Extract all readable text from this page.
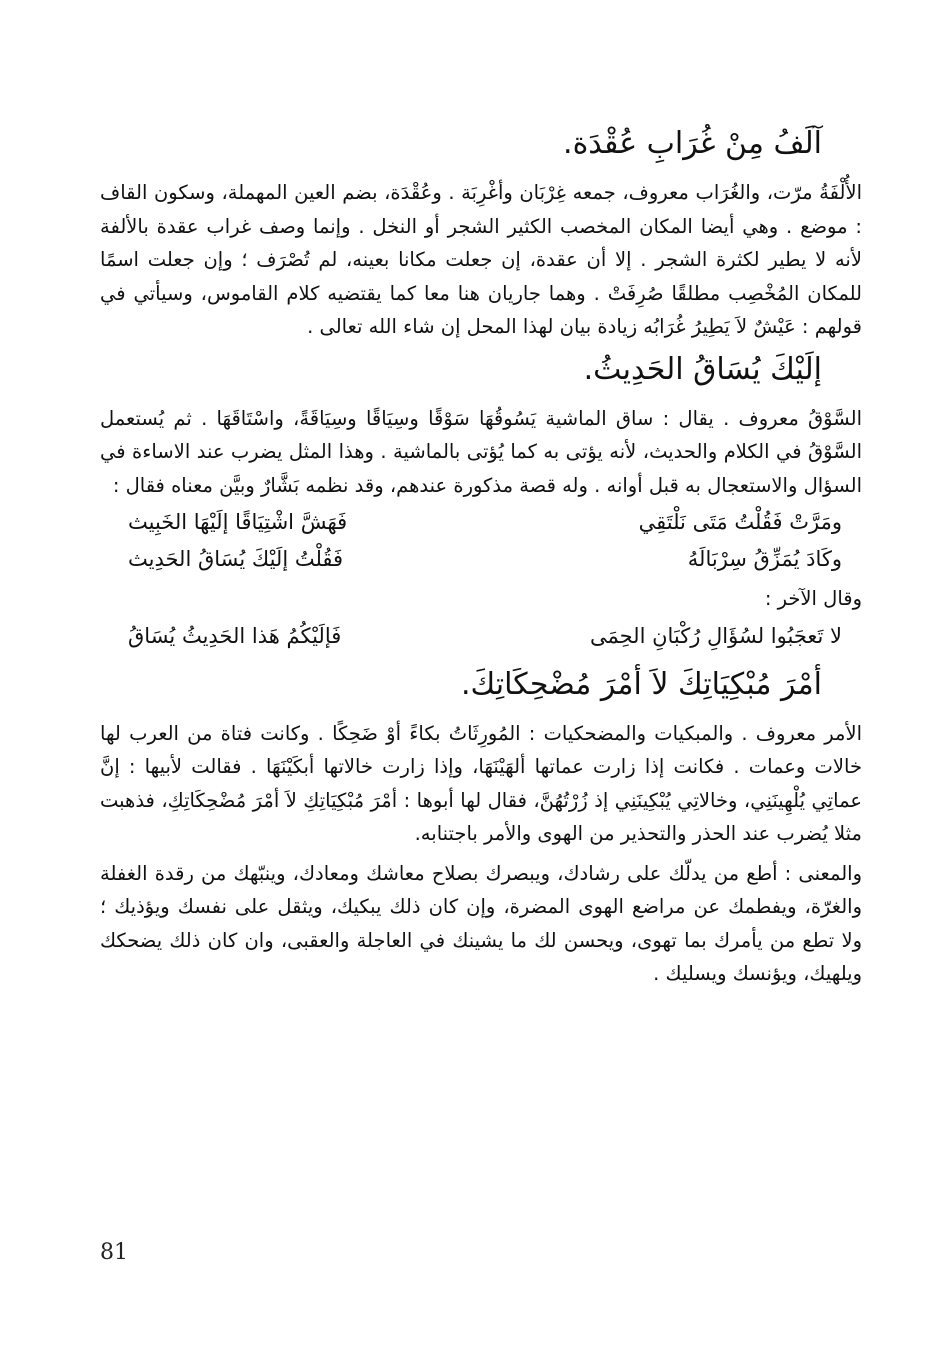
آلَفُ مِنْ غُرَابِ عُقْدَة.

الأُلْفَةُ مرّت، والغُرَاب معروف، جمعه غِرْبَان وأغْرِبَة . وعُقْدَة، بضم العين المهملة، وسكون القاف : موضع . وهي أيضا المكان المخصب الكثير الشجر أو النخل . وإنما وصف غراب عقدة بالألفة لأنه لا يطير لكثرة الشجر . إلا أن عقدة، إن جعلت مكانا بعينه، لم تُصْرَف ؛ وإن جعلت اسمًا للمكان المُخْصِب مطلقًا صُرِفَتْ . وهما جاريان هنا معا كما يقتضيه كلام القاموس، وسيأتي في قولهم : عَيْشٌ لاَ يَطِيرُ غُرَابُه زيادة بيان لهذا المحل إن شاء الله تعالى .

إلَيْكَ يُسَاقُ الحَدِيثُ.

السَّوْقُ معروف . يقال : ساق الماشية يَسُوقُهَا سَوْقًا وسِيَاقًا وسِيَاقَةً، واسْتَاقَهَا . ثم يُستعمل السَّوْقُ في الكلام والحديث، لأنه يؤتى به كما يُؤتى بالماشية . وهذا المثل يضرب عند الاساءة في السؤال والاستعجال به قبل أوانه . وله قصة مذكورة عندهم، وقد نظمه بَشَّارٌ وبيَّن معناه فقال :

ومَرَّتْ فَقُلْتُ مَتَى نَلْتَقِي
فَهَشَّ اشْتِيَاقًا إلَيْهَا الخَبِيث
وكَادَ يُمَزِّقُ سِرْبَالَهُ
فَقُلْتُ إلَيْكَ يُسَاقُ الحَدِيث

وقال الآخر :

لا تَعجَبُوا لسُؤَالِ رُكْبَانِ الحِمَى
فَإلَيْكُمُ هَذا الحَدِيثُ يُسَاقُ
أمْرَ مُبْكِيَاتِكَ لاَ أمْرَ مُضْحِكَاتِكَ.

الأمر معروف . والمبكيات والمضحكيات : المُورِثَاتُ بكاءً أوْ ضَحِكًا . وكانت فتاة من العرب لها خالات وعمات . فكانت إذا زارت عماتها ألهَيْنَهَا، وإذا زارت خالاتها أبكَيْنَهَا . فقالت لأبيها : إنَّ عماتِي يُلْهِينَنِي، وخالاتِي يُبْكِينَنِي إذ زُرْتُهُنَّ، فقال لها أبوها : أمْرَ مُبْكِيَاتِكِ لاَ أمْرَ مُضْحِكَاتِكِ، فذهبت مثلا يُضرب عند الحذر والتحذير من الهوى والأمر باجتنابه.

والمعنى : أطع من يدلّك على رشادك، ويبصرك بصلاح معاشك ومعادك، وينبّهك من رقدة الغفلة والغرّة، ويفطمك عن مراضع الهوى المضرة، وإن كان ذلك يبكيك، ويثقل على نفسك ويؤذيك ؛ ولا تطع من يأمرك بما تهوى، ويحسن لك ما يشينك في العاجلة والعقبى، وان كان ذلك يضحكك ويلهيك، ويؤنسك ويسليك .

81
